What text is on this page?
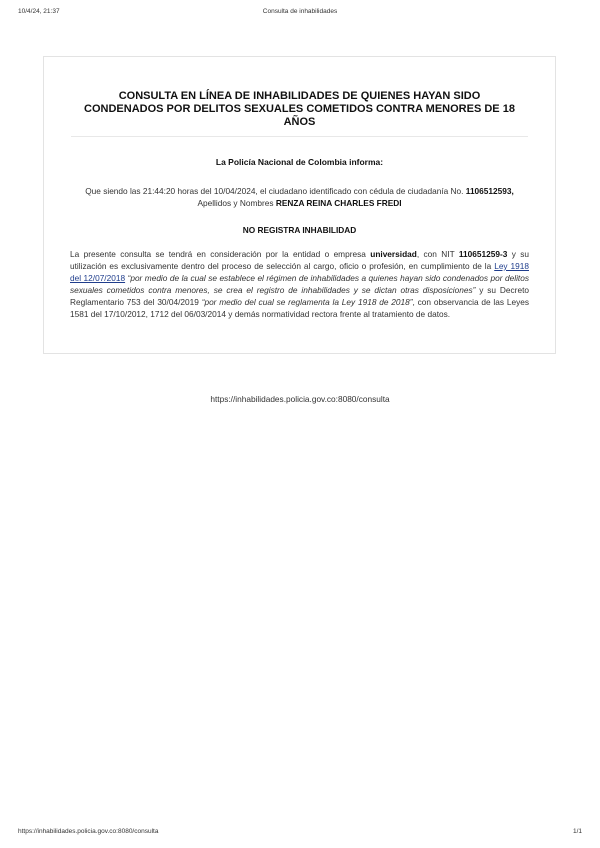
10/4/24, 21:37	Consulta de inhabilidades
CONSULTA EN LÍNEA DE INHABILIDADES DE QUIENES HAYAN SIDO CONDENADOS POR DELITOS SEXUALES COMETIDOS CONTRA MENORES DE 18 AÑOS
La Policía Nacional de Colombia informa:
Que siendo las 21:44:20 horas del 10/04/2024, el ciudadano identificado con cédula de ciudadanía No. 1106512593,
Apellidos y Nombres RENZA REINA CHARLES FREDI
NO REGISTRA INHABILIDAD
La presente consulta se tendrá en consideración por la entidad o empresa universidad, con NIT 110651259-3 y su utilización es exclusivamente dentro del proceso de selección al cargo, oficio o profesión, en cumplimiento de la Ley 1918 del 12/07/2018 “por medio de la cual se establece el régimen de inhabilidades a quienes hayan sido condenados por delitos sexuales cometidos contra menores, se crea el registro de inhabilidades y se dictan otras disposiciones” y su Decreto Reglamentario 753 del 30/04/2019 “por medio del cual se reglamenta la Ley 1918 de 2018”, con observancia de las Leyes 1581 del 17/10/2012, 1712 del 06/03/2014 y demás normatividad rectora frente al tratamiento de datos.
https://inhabilidades.policia.gov.co:8080/consulta
https://inhabilidades.policia.gov.co:8080/consulta	1/1
